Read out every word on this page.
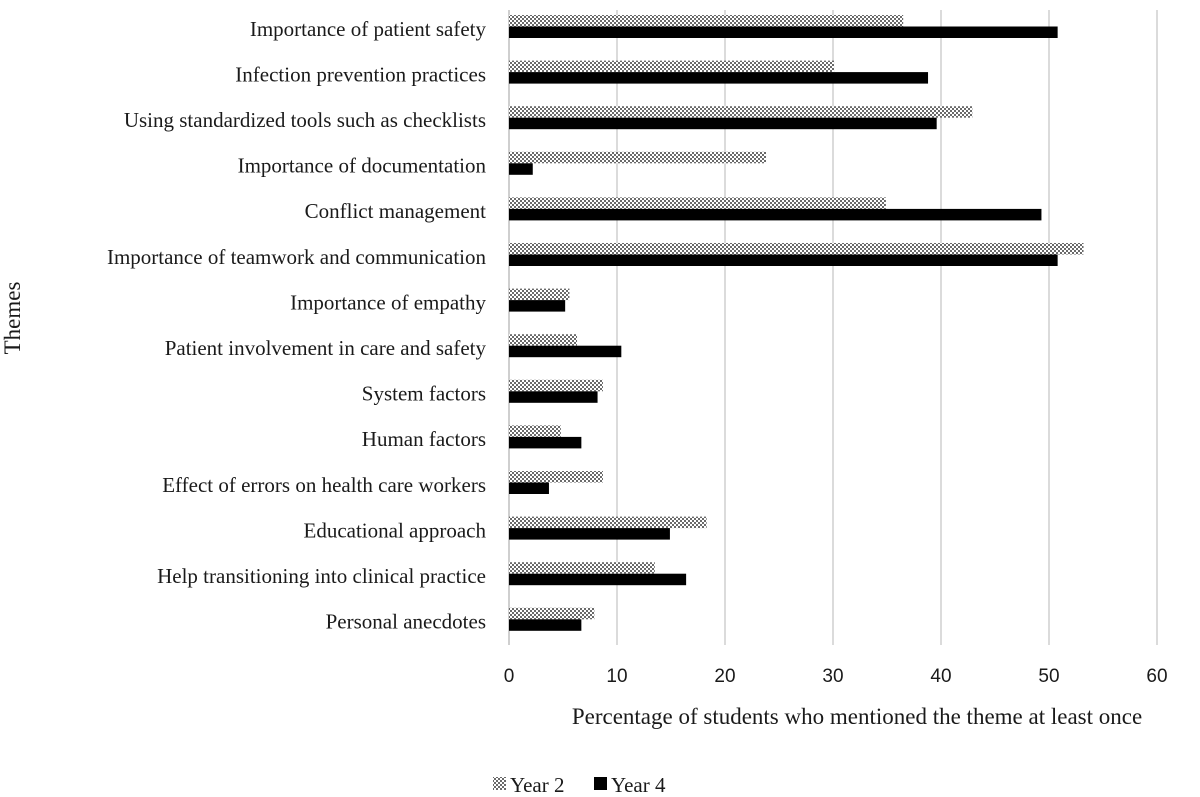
Importance of patient safety
Infection prevention practices
Using standardized tools such as checklists
Importance of documentation
Conflict management
Importance of teamwork and communication
Importance of empathy
Patient involvement in care and safety
System factors
Human factors
Effect of errors on health care workers
Educational approach
Help transitioning into clinical practice
Personal anecdotes
0	10	20	30	40	50	60
Percentage of students who mentioned the theme at least once
Themes
Year 2 Year 4
